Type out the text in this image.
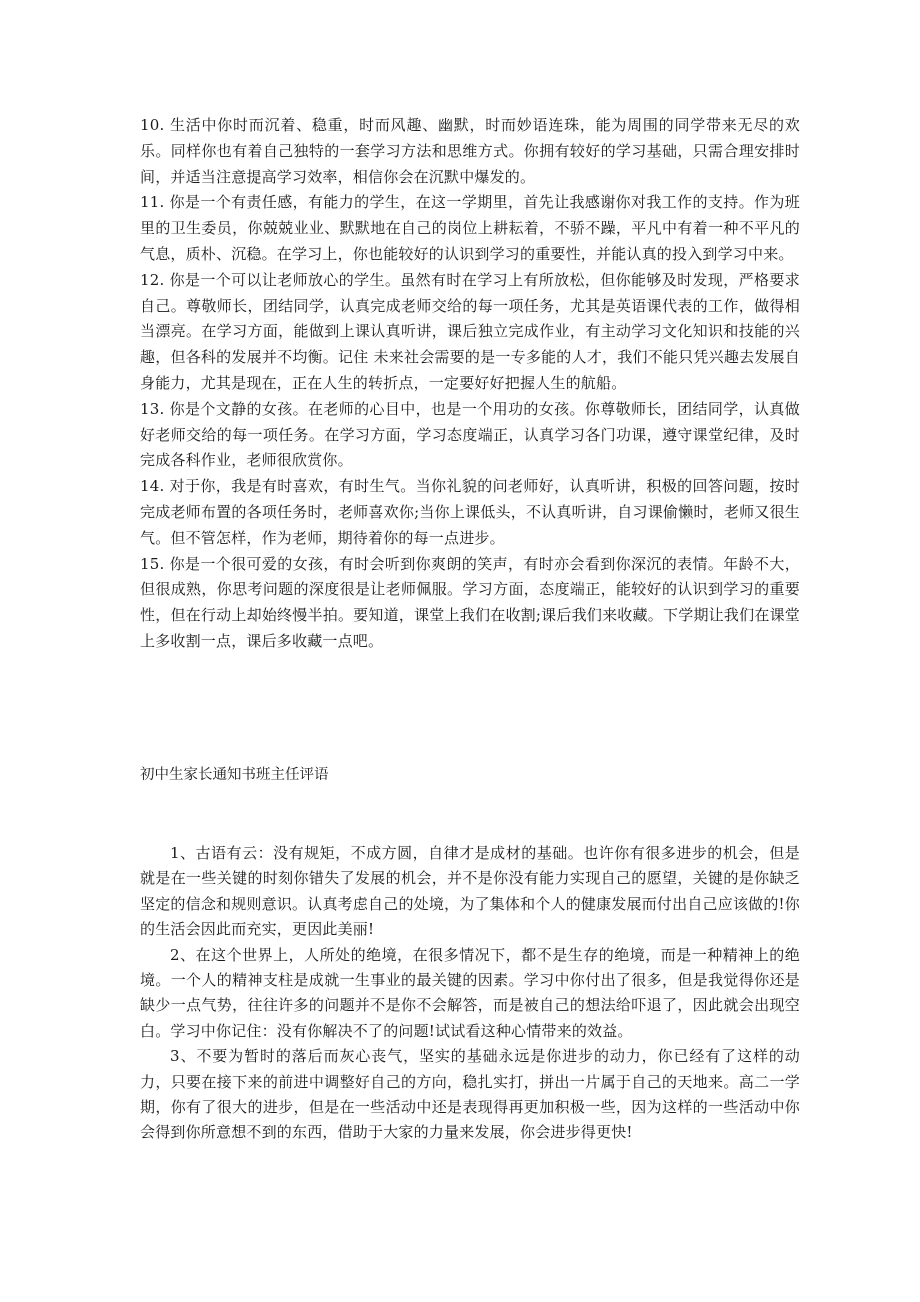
10. 生活中你时而沉着、稳重，时而风趣、幽默，时而妙语连珠，能为周围的同学带来无尽的欢乐。同样你也有着自己独特的一套学习方法和思维方式。你拥有较好的学习基础，只需合理安排时间，并适当注意提高学习效率，相信你会在沉默中爆发的。

11. 你是一个有责任感，有能力的学生，在这一学期里，首先让我感谢你对我工作的支持。作为班里的卫生委员，你兢兢业业、默默地在自己的岗位上耕耘着，不骄不躁，平凡中有着一种不平凡的气息，质朴、沉稳。在学习上，你也能较好的认识到学习的重要性，并能认真的投入到学习中来。

12. 你是一个可以让老师放心的学生。虽然有时在学习上有所放松，但你能够及时发现，严格要求自己。尊敬师长，团结同学，认真完成老师交给的每一项任务，尤其是英语课代表的工作，做得相当漂亮。在学习方面，能做到上课认真听讲，课后独立完成作业，有主动学习文化知识和技能的兴趣，但各科的发展并不均衡。记住 未来社会需要的是一专多能的人才，我们不能只凭兴趣去发展自身能力，尤其是现在，正在人生的转折点，一定要好好把握人生的航船。

13. 你是个文静的女孩。在老师的心目中，也是一个用功的女孩。你尊敬师长，团结同学，认真做好老师交给的每一项任务。在学习方面，学习态度端正，认真学习各门功课，遵守课堂纪律，及时完成各科作业，老师很欣赏你。

14. 对于你，我是有时喜欢，有时生气。当你礼貌的问老师好，认真听讲，积极的回答问题，按时完成老师布置的各项任务时，老师喜欢你;当你上课低头，不认真听讲，自习课偷懒时，老师又很生气。但不管怎样，作为老师，期待着你的每一点进步。

15. 你是一个很可爱的女孩，有时会听到你爽朗的笑声，有时亦会看到你深沉的表情。年龄不大，但很成熟，你思考问题的深度很是让老师佩服。学习方面，态度端正，能较好的认识到学习的重要性，但在行动上却始终慢半拍。要知道，课堂上我们在收割;课后我们来收藏。下学期让我们在课堂上多收割一点，课后多收藏一点吧。

初中生家长通知书班主任评语

1、古语有云：没有规矩，不成方圆，自律才是成材的基础。也许你有很多进步的机会，但是就是在一些关键的时刻你错失了发展的机会，并不是你没有能力实现自己的愿望，关键的是你缺乏坚定的信念和规则意识。认真考虑自己的处境，为了集体和个人的健康发展而付出自己应该做的!你的生活会因此而充实，更因此美丽!

2、在这个世界上，人所处的绝境，在很多情况下，都不是生存的绝境，而是一种精神上的绝境。一个人的精神支柱是成就一生事业的最关键的因素。学习中你付出了很多，但是我觉得你还是缺少一点气势，往往许多的问题并不是你不会解答，而是被自己的想法给吓退了，因此就会出现空白。学习中你记住：没有你解决不了的问题!试试看这种心情带来的效益。

3、不要为暂时的落后而灰心丧气，坚实的基础永远是你进步的动力，你已经有了这样的动力，只要在接下来的前进中调整好自己的方向，稳扎实打，拼出一片属于自己的天地来。高二一学期，你有了很大的进步，但是在一些活动中还是表现得再更加积极一些，因为这样的一些活动中你会得到你所意想不到的东西，借助于大家的力量来发展，你会进步得更快!
